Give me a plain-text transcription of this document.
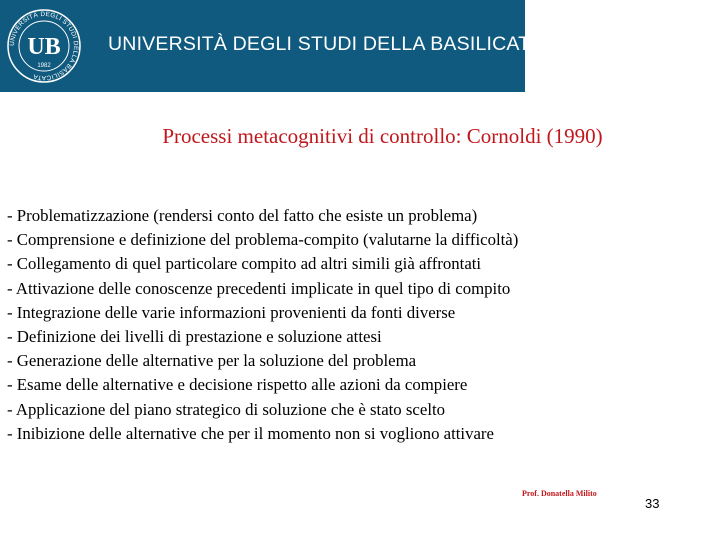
UNIVERSITÀ DEGLI STUDI DELLA BASILICATA
UB
1982
UNIVERSITÀ DEGLI STUDI DELLA BASILICATA
Processi metacognitivi di controllo: Cornoldi (1990)
- Problematizzazione (rendersi conto del fatto che esiste un problema)
- Comprensione e definizione del problema-compito (valutarne la difficoltà)
- Collegamento di quel particolare compito ad altri simili già affrontati
- Attivazione delle conoscenze precedenti implicate in quel tipo di compito
- Integrazione delle varie informazioni provenienti da fonti diverse
- Definizione dei livelli di prestazione e soluzione attesi
- Generazione delle alternative per la soluzione del problema
- Esame delle alternative e decisione rispetto alle azioni da compiere
- Applicazione del piano strategico di soluzione che è stato scelto
- Inibizione delle alternative che per il momento non si vogliono attivare
Prof. Donatella Milito
33
